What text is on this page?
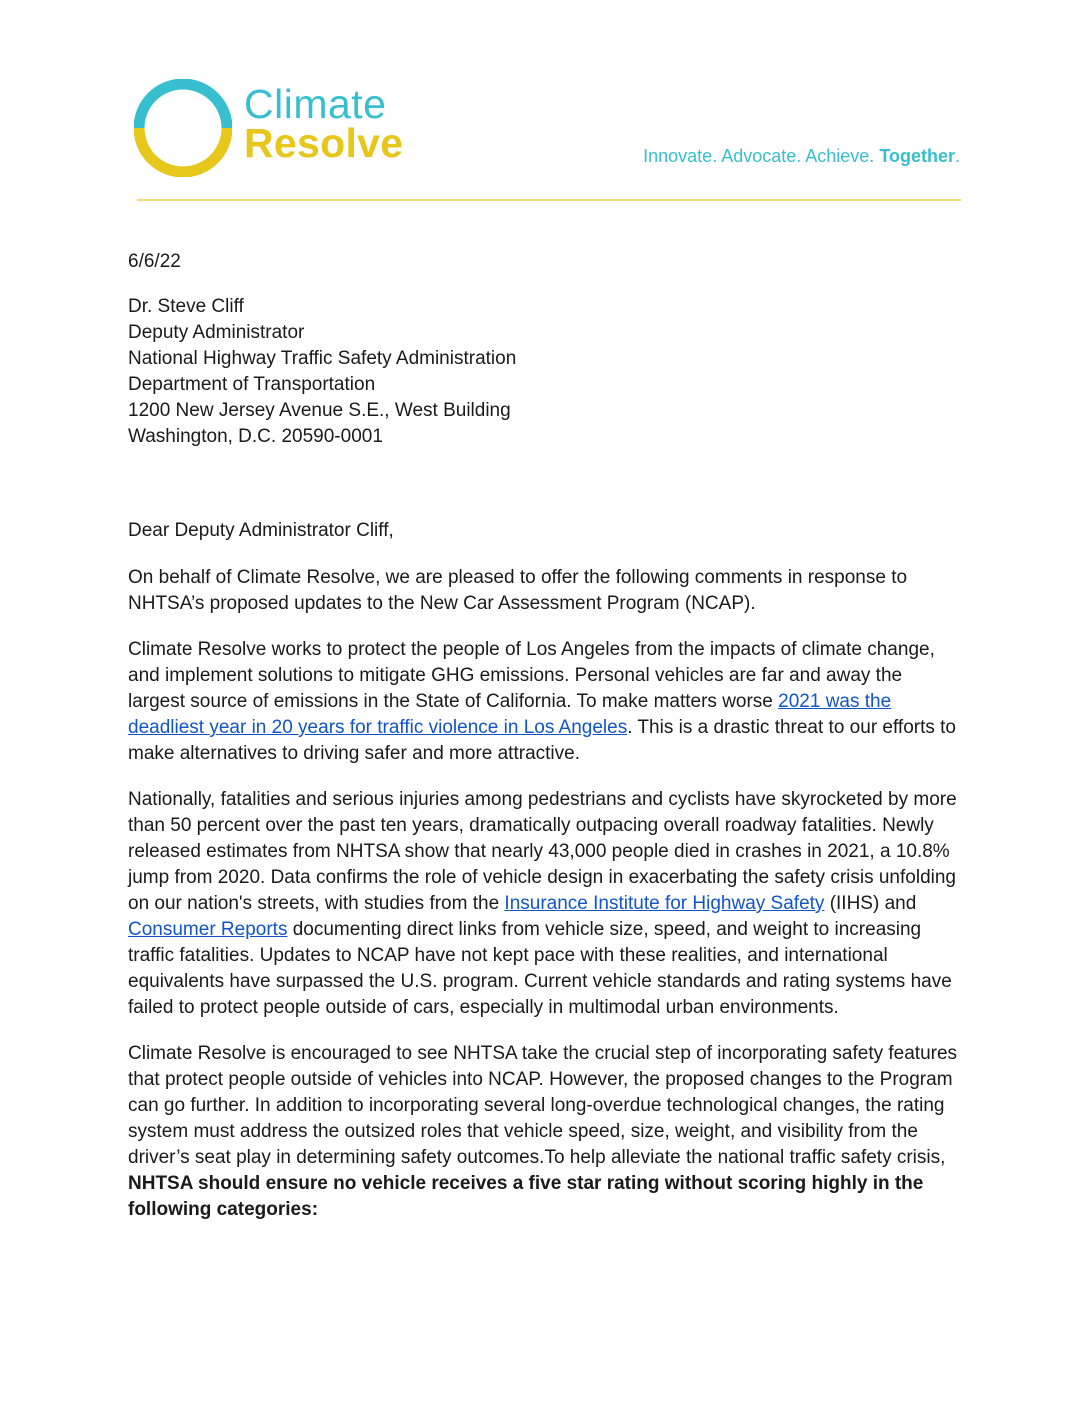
Climate
Resolve	Innovate. Advocate. Achieve. Together.
6/6/22
Dr. Steve Cliff
Deputy Administrator
National Highway Traffic Safety Administration
Department of Transportation
1200 New Jersey Avenue S.E., West Building
Washington, D.C. 20590-0001
Dear Deputy Administrator Cliff,

On behalf of Climate Resolve, we are pleased to offer the following comments in response to NHTSA’s proposed updates to the New Car Assessment Program (NCAP).

Climate Resolve works to protect the people of Los Angeles from the impacts of climate change, and implement solutions to mitigate GHG emissions. Personal vehicles are far and away the largest source of emissions in the State of California. To make matters worse 2021 was the deadliest year in 20 years for traffic violence in Los Angeles. This is a drastic threat to our efforts to make alternatives to driving safer and more attractive.

Nationally, fatalities and serious injuries among pedestrians and cyclists have skyrocketed by more than 50 percent over the past ten years, dramatically outpacing overall roadway fatalities. Newly released estimates from NHTSA show that nearly 43,000 people died in crashes in 2021, a 10.8% jump from 2020. Data confirms the role of vehicle design in exacerbating the safety crisis unfolding on our nation's streets, with studies from the Insurance Institute for Highway Safety (IIHS) and Consumer Reports documenting direct links from vehicle size, speed, and weight to increasing traffic fatalities. Updates to NCAP have not kept pace with these realities, and international equivalents have surpassed the U.S. program. Current vehicle standards and rating systems have failed to protect people outside of cars, especially in multimodal urban environments.

Climate Resolve is encouraged to see NHTSA take the crucial step of incorporating safety features that protect people outside of vehicles into NCAP. However, the proposed changes to the Program can go further. In addition to incorporating several long-overdue technological changes, the rating system must address the outsized roles that vehicle speed, size, weight, and visibility from the driver’s seat play in determining safety outcomes.To help alleviate the national traffic safety crisis, NHTSA should ensure no vehicle receives a five star rating without scoring highly in the following categories:
